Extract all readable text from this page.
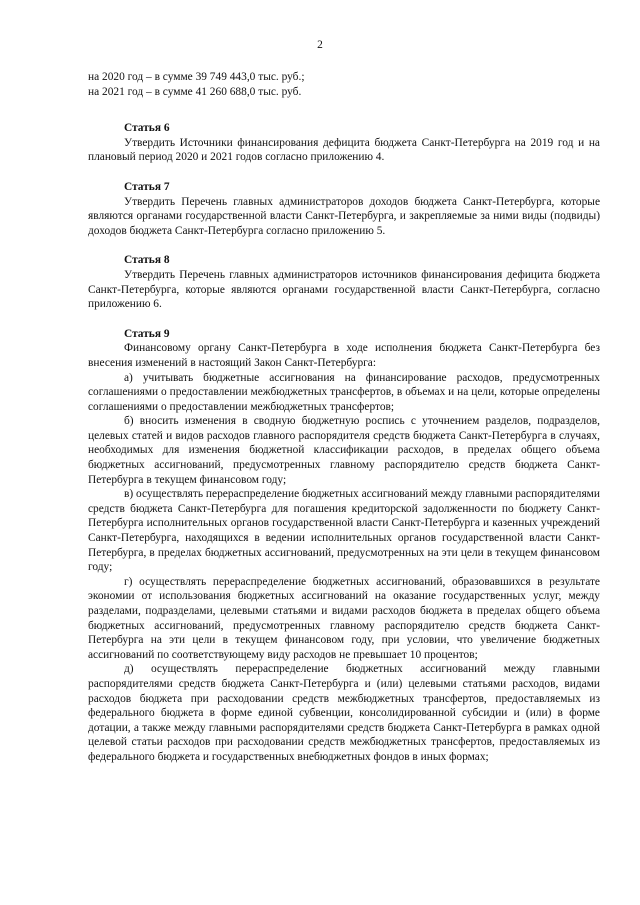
2

на 2020 год – в сумме 39 749 443,0 тыс. руб.;

на 2021 год – в сумме 41 260 688,0 тыс. руб.

Статья 6

Утвердить Источники финансирования дефицита бюджета Санкт-Петербурга на 2019 год и на плановый период 2020 и 2021 годов согласно приложению 4.

Статья 7

Утвердить Перечень главных администраторов доходов бюджета Санкт-Петербурга, которые являются органами государственной власти Санкт-Петербурга, и закрепляемые за ними виды (подвиды) доходов бюджета Санкт-Петербурга согласно приложению 5.

Статья 8

Утвердить Перечень главных администраторов источников финансирования дефицита бюджета Санкт-Петербурга, которые являются органами государственной власти Санкт-Петербурга, согласно приложению 6.

Статья 9

Финансовому органу Санкт-Петербурга в ходе исполнения бюджета Санкт-Петербурга без внесения изменений в настоящий Закон Санкт-Петербурга:

а) учитывать бюджетные ассигнования на финансирование расходов, предусмотренных соглашениями о предоставлении межбюджетных трансфертов, в объемах и на цели, которые определены соглашениями о предоставлении межбюджетных трансфертов;

б) вносить изменения в сводную бюджетную роспись с уточнением разделов, подразделов, целевых статей и видов расходов главного распорядителя средств бюджета Санкт-Петербурга в случаях, необходимых для изменения бюджетной классификации расходов, в пределах общего объема бюджетных ассигнований, предусмотренных главному распорядителю средств бюджета Санкт-Петербурга в текущем финансовом году;

в) осуществлять перераспределение бюджетных ассигнований между главными распорядителями средств бюджета Санкт-Петербурга для погашения кредиторской задолженности по бюджету Санкт-Петербурга исполнительных органов государственной власти Санкт-Петербурга и казенных учреждений Санкт-Петербурга, находящихся в ведении исполнительных органов государственной власти Санкт-Петербурга, в пределах бюджетных ассигнований, предусмотренных на эти цели в текущем финансовом году;

г) осуществлять перераспределение бюджетных ассигнований, образовавшихся в результате экономии от использования бюджетных ассигнований на оказание государственных услуг, между разделами, подразделами, целевыми статьями и видами расходов бюджета в пределах общего объема бюджетных ассигнований, предусмотренных главному распорядителю средств бюджета Санкт-Петербурга на эти цели в текущем финансовом году, при условии, что увеличение бюджетных ассигнований по соответствующему виду расходов не превышает 10 процентов;

д) осуществлять перераспределение бюджетных ассигнований между главными распорядителями средств бюджета Санкт-Петербурга и (или) целевыми статьями расходов, видами расходов бюджета при расходовании средств межбюджетных трансфертов, предоставляемых из федерального бюджета в форме единой субвенции, консолидированной субсидии и (или) в форме дотации, а также между главными распорядителями средств бюджета Санкт-Петербурга в рамках одной целевой статьи расходов при расходовании средств межбюджетных трансфертов, предоставляемых из федерального бюджета и государственных внебюджетных фондов в иных формах;
